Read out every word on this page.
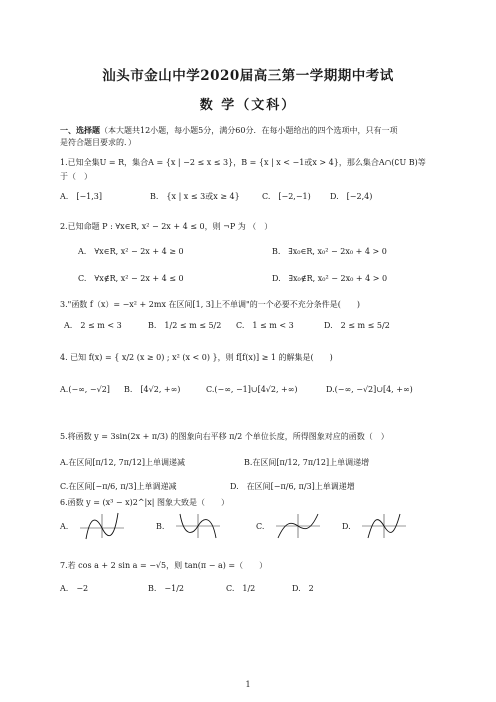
汕头市金山中学2020届高三第一学期期中考试
数 学（文科）
一、选择题（本大题共12小题，每小题5分，满分60分．在每小题给出的四个选项中，只有一项
是符合题目要求的．）
1.已知全集U = R，集合A = {x | −2 ≤ x ≤ 3}，B = {x | x < −1或x > 4}，那么集合A∩(∁U B)等
于（　）
A.　[−1,3]	B.　{x | x ≤ 3或x ≥ 4}	C.　[−2,−1) D.　[−2,4)
2.已知命题 P : ∀x∈R, x² − 2x + 4 ≤ 0，则 ¬P 为 （　）
A.　∀x∈R, x² − 2x + 4 ≥ 0	B.　∃x₀∈R, x₀² − 2x₀ + 4 > 0
C.　∀x∉R, x² − 2x + 4 ≤ 0	D.　∃x₀∉R, x₀² − 2x₀ + 4 > 0
3."函数 f（x）= −x² + 2mx 在区间[1, 3]上不单调"的一个必要不充分条件是(　　)
A.　2 ≤ m < 3	B.　1/2 ≤ m ≤ 5/2 C.　1 ≤ m < 3	D.　2 ≤ m ≤ 5/2
4. 已知 f(x) = { x/2 (x ≥ 0) ; x² (x < 0) }，则 f[f(x)] ≥ 1 的解集是(　　)
A.(−∞, −√2] B.　[4√2, +∞)	C.(−∞, −1]∪[4√2, +∞)	D.(−∞, −√2]∪[4, +∞)
5.将函数 y = 3sin(2x + π/3) 的图象向右平移 π/2 个单位长度，所得图象对应的函数（　）
A.在区间[π/12, 7π/12]上单调递减	B.在区间[π/12, 7π/12]上单调递增
C.在区间[−π/6, π/3]上单调递减	D.　在区间[−π/6, π/3]上单调递增
6.函数 y = (x³ − x)2^|x| 图象大致是（　　）
A.	B.	C.	D.
7.若 cos a + 2 sin a = −√5，则 tan(π − a) =（　　）
A.　−2	B.　−1/2	C.　1/2	D.　2
1
